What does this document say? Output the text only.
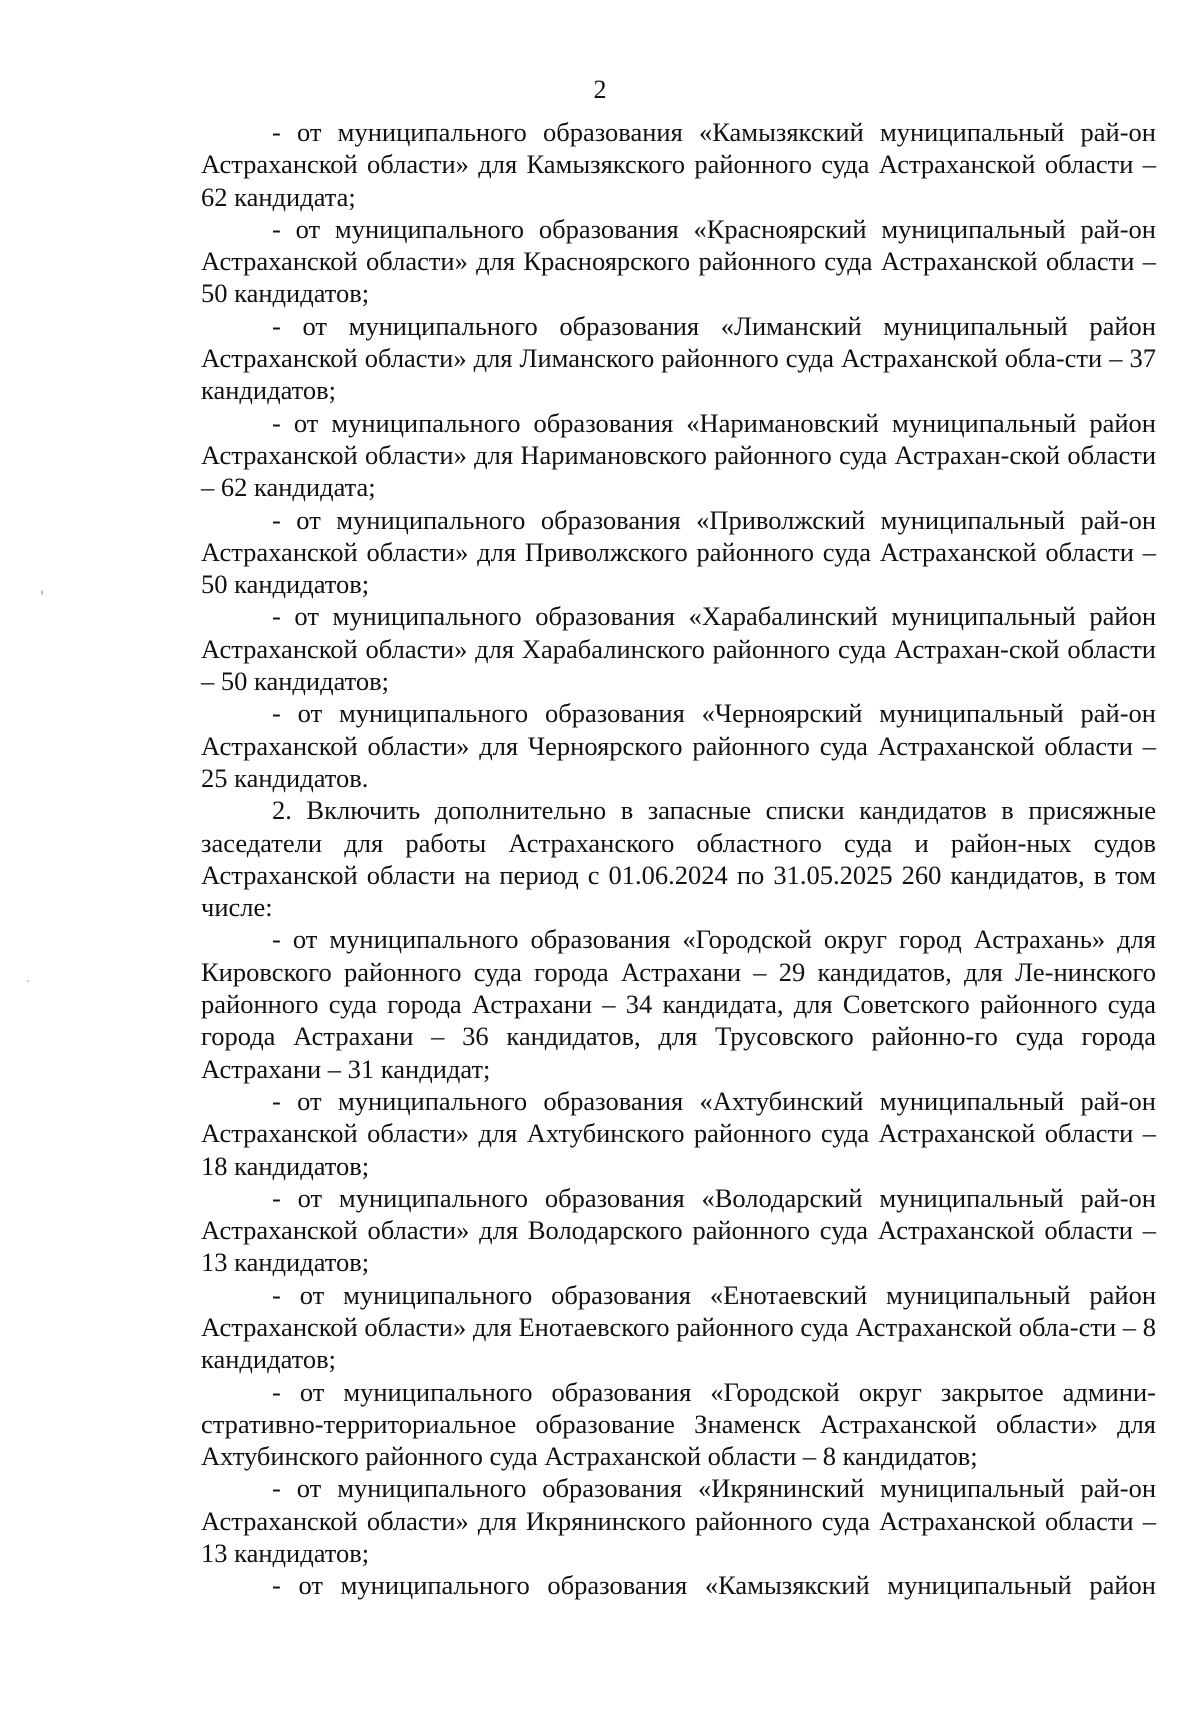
2

- от муниципального образования «Камызякский муниципальный рай-он Астраханской области» для Камызякского районного суда Астраханской области – 62 кандидата;

- от муниципального образования «Красноярский муниципальный рай-он Астраханской области» для Красноярского районного суда Астраханской области – 50 кандидатов;

- от муниципального образования «Лиманский муниципальный район Астраханской области» для Лиманского районного суда Астраханской обла-сти – 37 кандидатов;

- от муниципального образования «Наримановский муниципальный район Астраханской области» для Наримановского районного суда Астрахан-ской области – 62 кандидата;

- от муниципального образования «Приволжский муниципальный рай-он Астраханской области» для Приволжского районного суда Астраханской области – 50 кандидатов;

- от муниципального образования «Харабалинский муниципальный район Астраханской области» для Харабалинского районного суда Астрахан-ской области – 50 кандидатов;

- от муниципального образования «Черноярский муниципальный рай-он Астраханской области» для Черноярского районного суда Астраханской области – 25 кандидатов.

2. Включить дополнительно в запасные списки кандидатов в присяжные заседатели для работы Астраханского областного суда и район-ных судов Астраханской области на период с 01.06.2024 по 31.05.2025 260 кандидатов, в том числе:

- от муниципального образования «Городской округ город Астрахань» для Кировского районного суда города Астрахани – 29 кандидатов, для Ле-нинского районного суда города Астрахани – 34 кандидата, для Советского районного суда города Астрахани – 36 кандидатов, для Трусовского районно-го суда города Астрахани – 31 кандидат;

- от муниципального образования «Ахтубинский муниципальный рай-он Астраханской области» для Ахтубинского районного суда Астраханской области – 18 кандидатов;

- от муниципального образования «Володарский муниципальный рай-он Астраханской области» для Володарского районного суда Астраханской области – 13 кандидатов;

- от муниципального образования «Енотаевский муниципальный район Астраханской области» для Енотаевского районного суда Астраханской обла-сти – 8 кандидатов;

- от муниципального образования «Городской округ закрытое админи-стративно-территориальное образование Знаменск Астраханской области» для Ахтубинского районного суда Астраханской области – 8 кандидатов;

- от муниципального образования «Икрянинский муниципальный рай-он Астраханской области» для Икрянинского районного суда Астраханской области – 13 кандидатов;

- от муниципального образования «Камызякский муниципальный район
